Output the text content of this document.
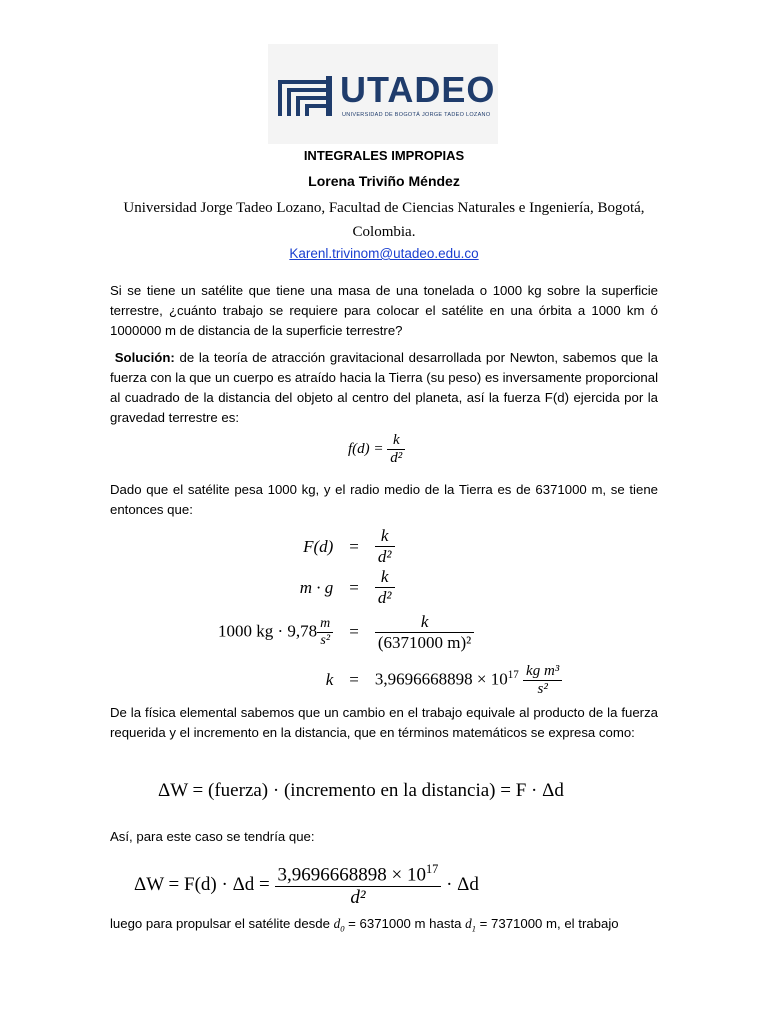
UTADEO
UNIVERSIDAD DE BOGOTÁ JORGE TADEO LOZANO
INTEGRALES IMPROPIAS
Lorena Triviño Méndez
Universidad Jorge Tadeo Lozano, Facultad de Ciencias Naturales e Ingeniería, Bogotá, Colombia.
Karenl.trivinom@utadeo.edu.co
Si se tiene un satélite que tiene una masa de una tonelada o 1000 kg sobre la superficie terrestre, ¿cuánto trabajo se requiere para colocar el satélite en una órbita a 1000 km ó 1000000 m de distancia de la superficie terrestre?
Solución: de la teoría de atracción gravitacional desarrollada por Newton, sabemos que la fuerza con la que un cuerpo es atraído hacia la Tierra (su peso) es inversamente proporcional al cuadrado de la distancia del objeto al centro del planeta, así la fuerza F(d) ejercida por la gravedad terrestre es:
$f(d) = \frac{k}{\text{d²}}$
Dado que el satélite pesa 1000 kg, y el radio medio de la Tierra es de 6371000 m, se tiene entonces que:
F(d)	=	$\frac{k}{\text{d²}}$

m · g	=	$\frac{k}{\text{d²}}$

1000 kg · $9,78 \frac{m}{\text{s²}}$	=	$\frac{k}{\text{(6371000 m)²}}$

k	=	$3,9696668898 \times 10^{17} \frac{\text{kg m³}}{\text{s²}}$
De la física elemental sabemos que un cambio en el trabajo equivale al producto de la fuerza requerida y el incremento en la distancia, que en términos matemáticos se expresa como:
ΔW = (fuerza) · (incremento en la distancia) = F · Δd
Así, para este caso se tendría que:
$\Delta W = F(d) \cdot \Delta d = \frac{3,9696668898 \times 10^{17}}{\text{d²}} \cdot \Delta d$
luego para propulsar el satélite desde $d_0 = 6371000$ m hasta $d_1 = 7371000$ m, el trabajo
